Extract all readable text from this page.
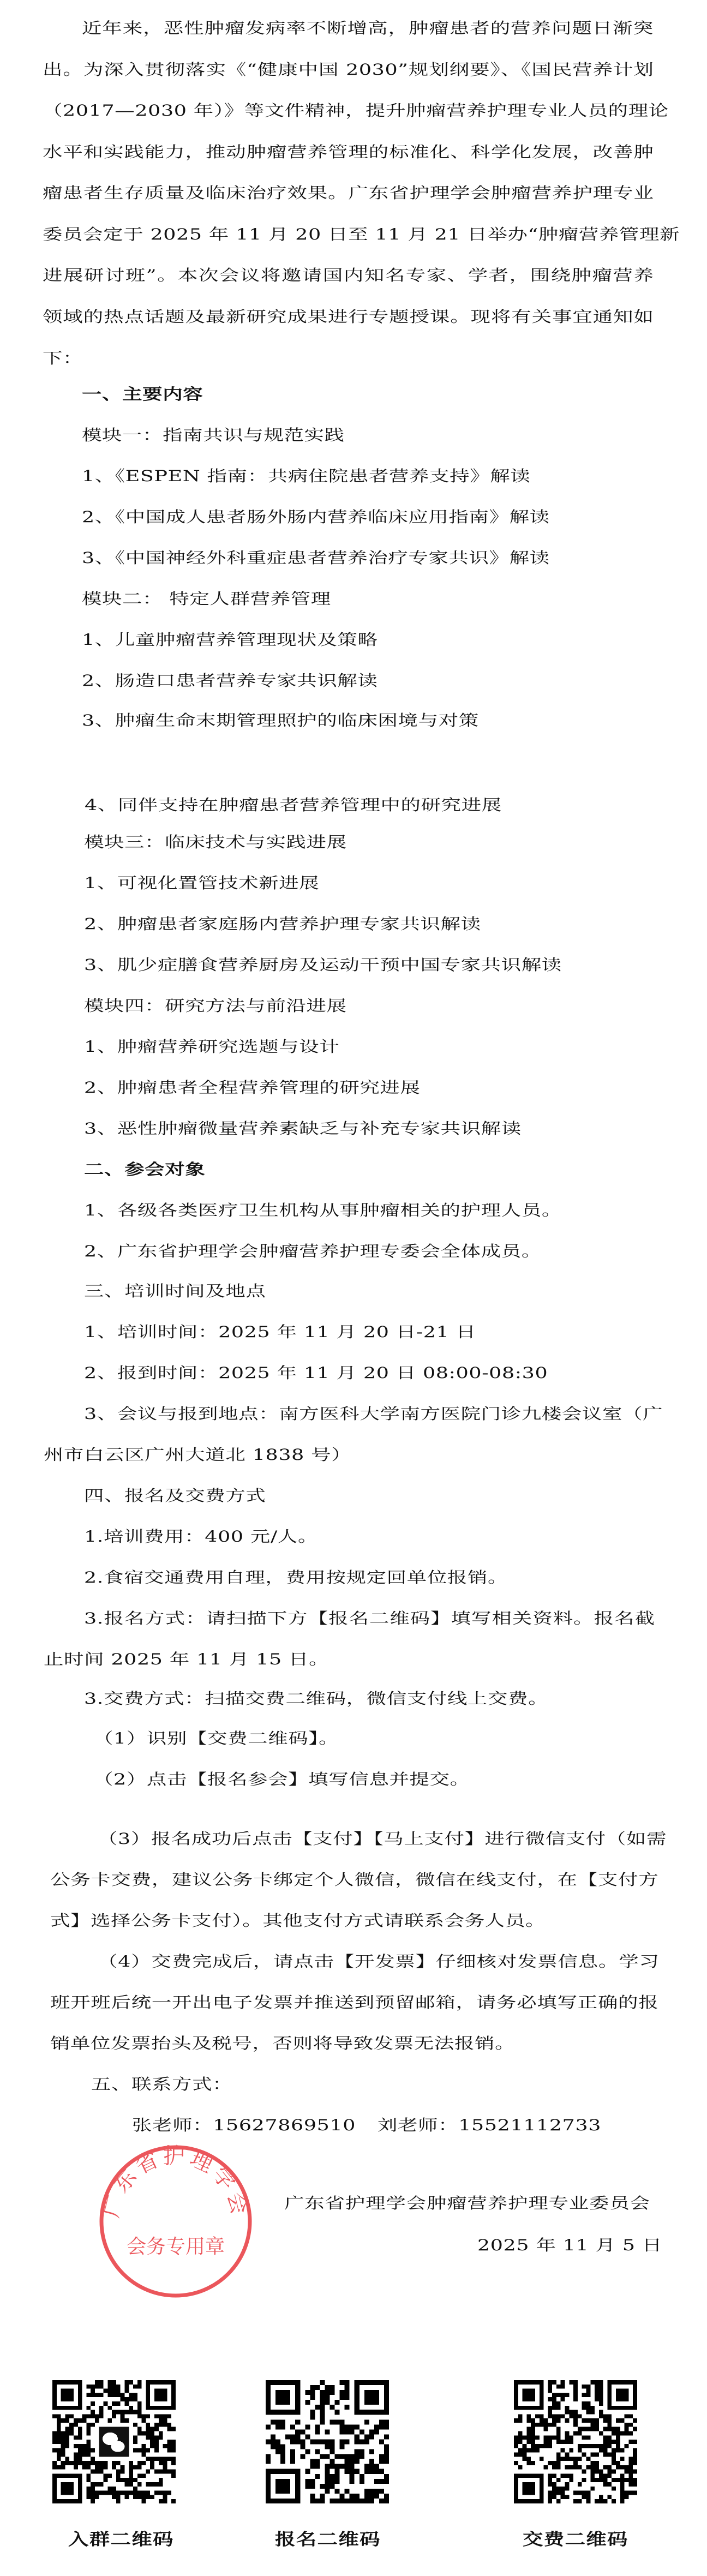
近年来，恶性肿瘤发病率不断增高，肿瘤患者的营养问题日渐突
出。为深入贯彻落实《“健康中国 2030”规划纲要》、《国民营养计划
（2017—2030 年）》等文件精神，提升肿瘤营养护理专业人员的理论
水平和实践能力，推动肿瘤营养管理的标准化、科学化发展，改善肿
瘤患者生存质量及临床治疗效果。广东省护理学会肿瘤营养护理专业
委员会定于 2025 年 11 月 20 日至 11 月 21 日举办“肿瘤营养管理新
进展研讨班”。本次会议将邀请国内知名专家、学者，围绕肿瘤营养
领域的热点话题及最新研究成果进行专题授课。现将有关事宜通知如
下：
一、主要内容
模块一：指南共识与规范实践
1、《ESPEN 指南：共病住院患者营养支持》解读
2、《中国成人患者肠外肠内营养临床应用指南》解读
3、《中国神经外科重症患者营养治疗专家共识》解读
模块二： 特定人群营养管理
1、儿童肿瘤营养管理现状及策略
2、肠造口患者营养专家共识解读
3、肿瘤生命末期管理照护的临床困境与对策
4、同伴支持在肿瘤患者营养管理中的研究进展
模块三：临床技术与实践进展
1、可视化置管技术新进展
2、肿瘤患者家庭肠内营养护理专家共识解读
3、肌少症膳食营养厨房及运动干预中国专家共识解读
模块四：研究方法与前沿进展
1、肿瘤营养研究选题与设计
2、肿瘤患者全程营养管理的研究进展
3、恶性肿瘤微量营养素缺乏与补充专家共识解读
二、参会对象
1、各级各类医疗卫生机构从事肿瘤相关的护理人员。
2、广东省护理学会肿瘤营养护理专委会全体成员。
三、培训时间及地点
1、培训时间：2025 年 11 月 20 日-21 日
2、报到时间：2025 年 11 月 20 日 08:00-08:30
3、会议与报到地点：南方医科大学南方医院门诊九楼会议室（广
州市白云区广州大道北 1838 号）
四、报名及交费方式
1.培训费用：400 元/人。
2.食宿交通费用自理，费用按规定回单位报销。
3.报名方式：请扫描下方【报名二维码】填写相关资料。报名截
止时间 2025 年 11 月 15 日。
3.交费方式：扫描交费二维码，微信支付线上交费。
（1）识别【交费二维码】。
（2）点击【报名参会】填写信息并提交。
（3）报名成功后点击【支付】【马上支付】进行微信支付（如需
公务卡交费，建议公务卡绑定个人微信，微信在线支付，在【支付方
式】选择公务卡支付）。其他支付方式请联系会务人员。
（4）交费完成后，请点击【开发票】仔细核对发票信息。学习
班开班后统一开出电子发票并推送到预留邮箱，请务必填写正确的报
销单位发票抬头及税号，否则将导致发票无法报销。
五、联系方式：
张老师：15627869510 刘老师：15521112733
广东省护理学会肿瘤营养护理专业委员会
2025 年 11 月 5 日
广东省护理学会
会务专用章
入群二维码	报名二维码	交费二维码
